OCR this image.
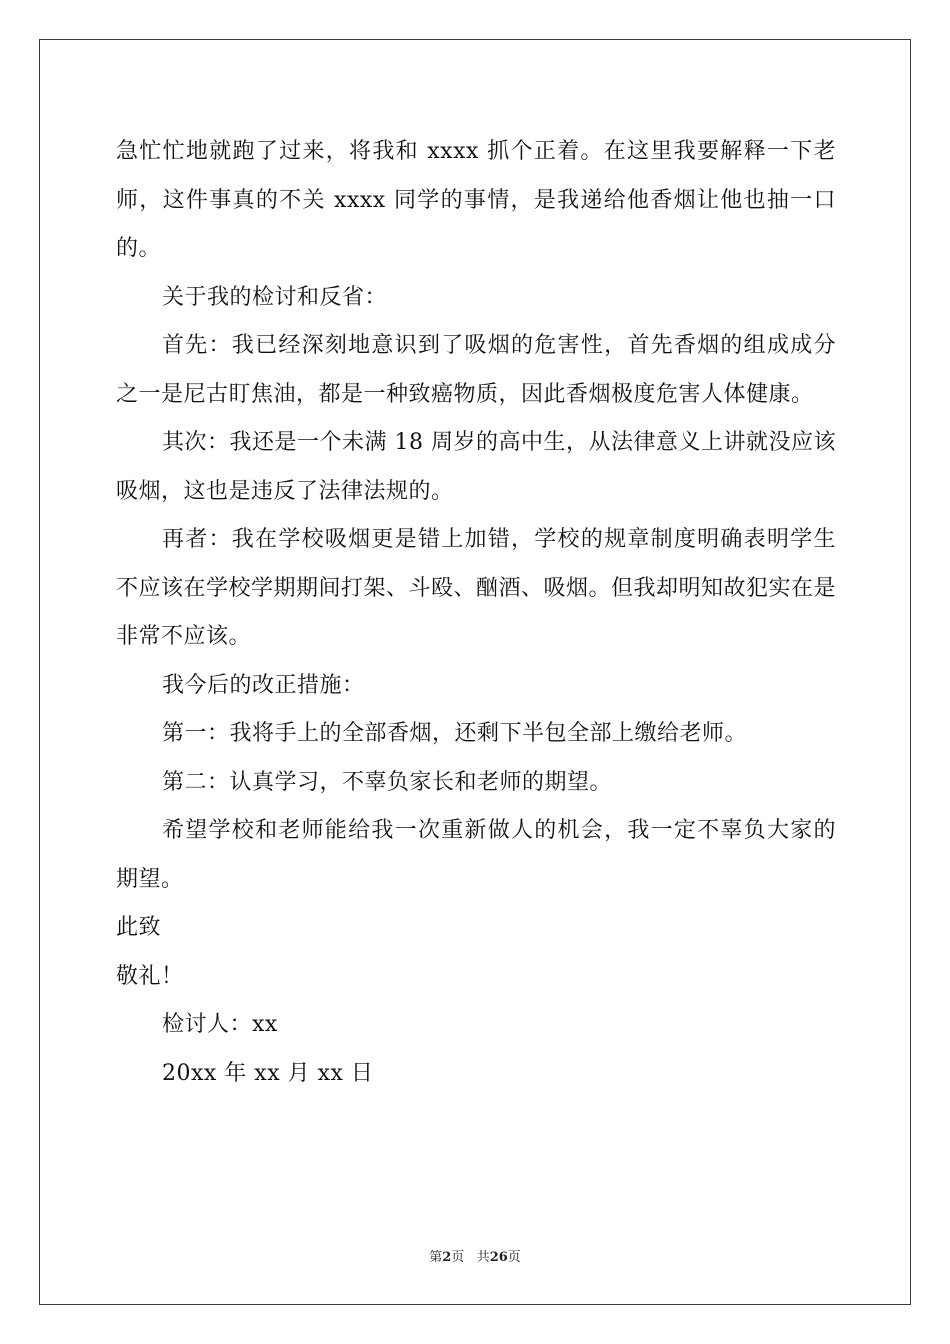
急忙忙地就跑了过来，将我和 xxxx 抓个正着。在这里我要解释一下老师，这件事真的不关 xxxx 同学的事情，是我递给他香烟让他也抽一口的。

关于我的检讨和反省：

首先：我已经深刻地意识到了吸烟的危害性，首先香烟的组成成分之一是尼古盯焦油，都是一种致癌物质，因此香烟极度危害人体健康。

其次：我还是一个未满 18 周岁的高中生，从法律意义上讲就没应该吸烟，这也是违反了法律法规的。

再者：我在学校吸烟更是错上加错，学校的规章制度明确表明学生不应该在学校学期期间打架、斗殴、酗酒、吸烟。但我却明知故犯实在是非常不应该。

我今后的改正措施：

第一：我将手上的全部香烟，还剩下半包全部上缴给老师。

第二：认真学习，不辜负家长和老师的期望。

希望学校和老师能给我一次重新做人的机会，我一定不辜负大家的期望。

此致

敬礼！

检讨人：xx

20xx 年 xx 月 xx 日

第2页 共26页
